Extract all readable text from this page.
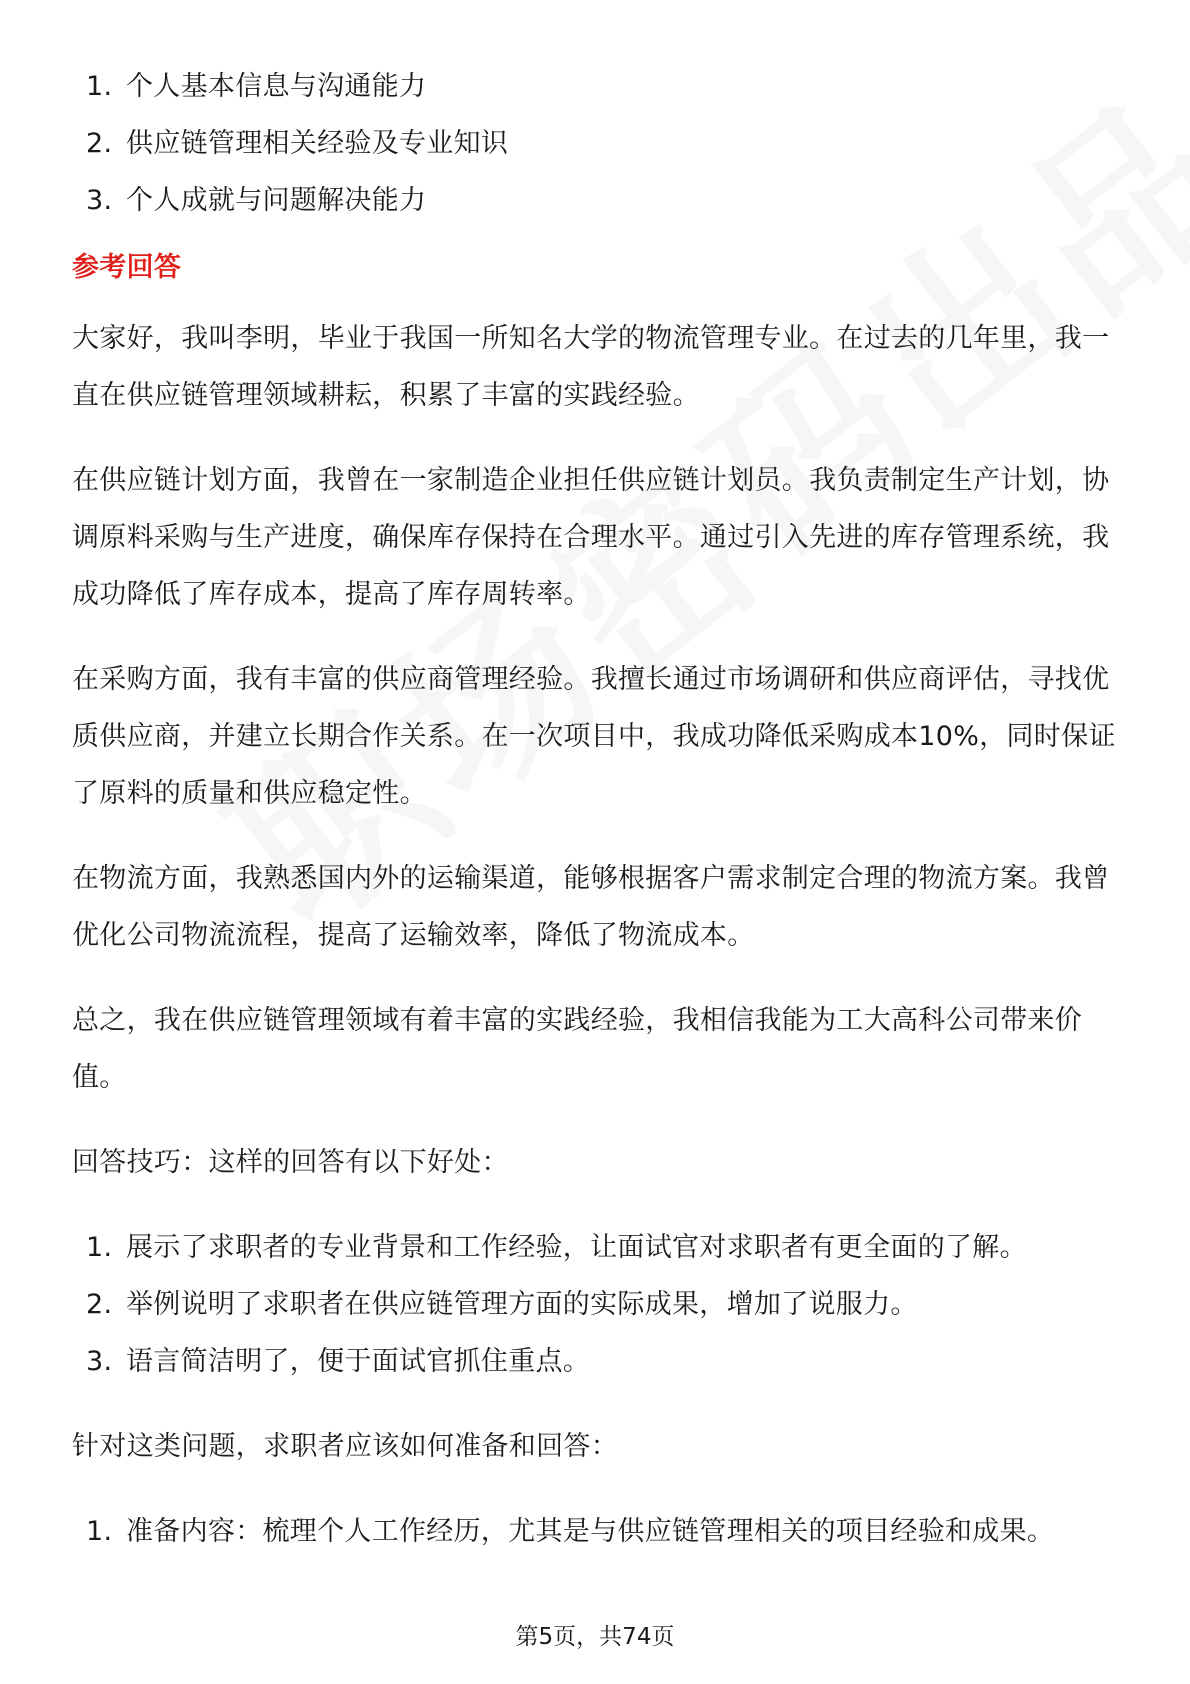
1. 个人基本信息与沟通能力
2. 供应链管理相关经验及专业知识
3. 个人成就与问题解决能力
参考回答

大家好，我叫李明，毕业于我国一所知名大学的物流管理专业。在过去的几年里，我一直在供应链管理领域耕耘，积累了丰富的实践经验。

在供应链计划方面，我曾在一家制造企业担任供应链计划员。我负责制定生产计划，协调原料采购与生产进度，确保库存保持在合理水平。通过引入先进的库存管理系统，我成功降低了库存成本，提高了库存周转率。

在采购方面，我有丰富的供应商管理经验。我擅长通过市场调研和供应商评估，寻找优质供应商，并建立长期合作关系。在一次项目中，我成功降低采购成本10%，同时保证了原料的质量和供应稳定性。

在物流方面，我熟悉国内外的运输渠道，能够根据客户需求制定合理的物流方案。我曾优化公司物流流程，提高了运输效率，降低了物流成本。

总之，我在供应链管理领域有着丰富的实践经验，我相信我能为工大高科公司带来价值。

回答技巧：这样的回答有以下好处：

1. 展示了求职者的专业背景和工作经验，让面试官对求职者有更全面的了解。
2. 举例说明了求职者在供应链管理方面的实际成果，增加了说服力。
3. 语言简洁明了，便于面试官抓住重点。

针对这类问题，求职者应该如何准备和回答：

1. 准备内容：梳理个人工作经历，尤其是与供应链管理相关的项目经验和成果。
第5页，共74页
